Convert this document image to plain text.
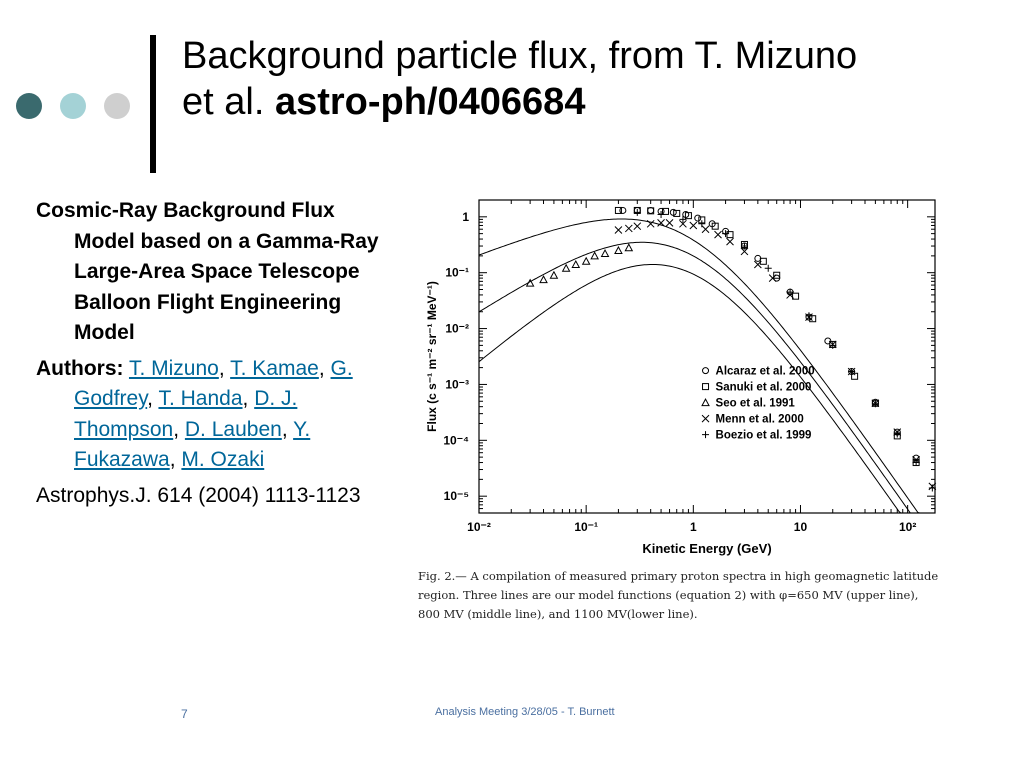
Background particle flux, from T. Mizuno
et al. astro-ph/0406684

Cosmic-Ray Background Flux Model based on a Gamma-Ray Large-Area Space Telescope Balloon Flight Engineering Model

Authors: T. Mizuno, T. Kamae, G. Godfrey, T. Handa, D. J. Thompson, D. Lauben, Y. Fukazawa, M. Ozaki

Astrophys.J. 614 (2004) 1113-1123

10⁻²	10⁻¹	1	10	10²
1
10⁻¹
10⁻²
10⁻³
10⁻⁴
10⁻⁵
Kinetic Energy (GeV)
Flux (c s⁻¹ m⁻² sr⁻¹ MeV⁻¹)	Alcaraz et al. 2000
Sanuki et al. 2000
Seo et al. 1991
Menn et al. 2000
Boezio et al. 1999
Fig. 2.— A compilation of measured primary proton spectra in high geomagnetic latitude
region. Three lines are our model functions (equation 2) with φ=650 MV (upper line),
800 MV (middle line), and 1100 MV(lower line).
7	Analysis Meeting 3/28/05 - T. Burnett
